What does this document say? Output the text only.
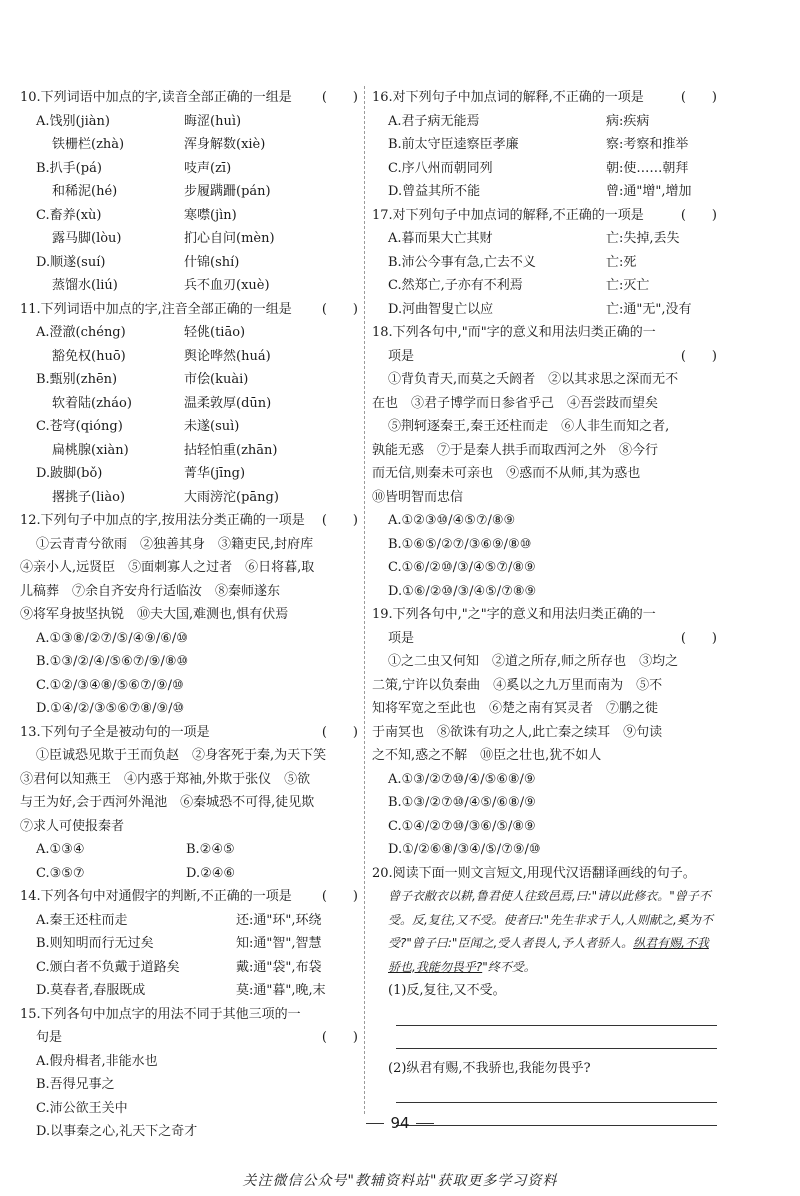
10.下列词语中加点的字,读音全部正确的一组是 (　　)
A.饯别(jiàn)	晦涩(huì)
铁栅栏(zhà)	浑身解数(xiè)
B.扒手(pá)	吱声(zī)
和稀泥(hé)	步履蹒跚(pán)
C.畜养(xù)	寒噤(jìn)
露马脚(lòu)	扪心自问(mèn)
D.顺遂(suí)	什锦(shí)
蒸馏水(liú)	兵不血刃(xuè)
11.下列词语中加点的字,注音全部正确的一组是 (　　)
A.澄澈(chéng)	轻佻(tiāo)
豁免权(huō)	舆论哗然(huá)
B.甄别(zhēn)	市侩(kuài)
软着陆(zháo)	温柔敦厚(dūn)
C.苍穹(qióng)	未遂(suì)
扁桃腺(xiàn)	拈轻怕重(zhān)
D.跛脚(bǒ)	菁华(jīng)
撂挑子(liào)	大雨滂沱(pāng)
12.下列句子中加点的字,按用法分类正确的一项是 (　　)
①云青青兮欲雨　②独善其身　③籍吏民,封府库
④亲小人,远贤臣　⑤面刺寡人之过者　⑥日将暮,取
儿稿葬　⑦余自齐安舟行适临汝　⑧秦师遂东
⑨将军身披坚执锐　⑩夫大国,难测也,惧有伏焉
A.①③⑧/②⑦/⑤/④⑨/⑥/⑩
B.①③/②/④/⑤⑥⑦/⑨/⑧⑩
C.①②/③④⑧/⑤⑥⑦/⑨/⑩
D.①④/②/③⑤⑥⑦⑧/⑨/⑩
13.下列句子全是被动句的一项是	(　　)
①臣诚恐见欺于王而负赵　②身客死于秦,为天下笑
③君何以知燕王　④内惑于郑袖,外欺于张仪　⑤欲
与王为好,会于西河外渑池　⑥秦城恐不可得,徒见欺
⑦求人可使报秦者
A.①③④	B.②④⑤
C.③⑤⑦	D.②④⑥
14.下列各句中对通假字的判断,不正确的一项是 (　　)
A.秦王还柱而走	还:通"环",环绕
B.则知明而行无过矣	知:通"智",智慧
C.颁白者不负戴于道路矣	戴:通"袋",布袋
D.莫春者,春服既成	莫:通"暮",晚,末
15.下列各句中加点字的用法不同于其他三项的一
句是	(　　)
A.假舟楫者,非能水也
B.吾得兄事之
C.沛公欲王关中
D.以事秦之心,礼天下之奇才
16.对下列句子中加点词的解释,不正确的一项是	(　　)
A.君子病无能焉	病:疾病
B.前太守臣逵察臣孝廉	察:考察和推举
C.序八州而朝同列	朝:使……朝拜
D.曾益其所不能	曾:通"增",增加
17.对下列句子中加点词的解释,不正确的一项是	(　　)
A.暮而果大亡其财	亡:失掉,丢失
B.沛公今事有急,亡去不义	亡:死
C.然郑亡,子亦有不利焉	亡:灭亡
D.河曲智叟亡以应	亡:通"无",没有
18.下列各句中,"而"字的意义和用法归类正确的一
项是	(　　)
①背负青天,而莫之夭阏者　②以其求思之深而无不
在也　③君子博学而日参省乎己　④吾尝跂而望矣
⑤荆轲逐秦王,秦王还柱而走　⑥人非生而知之者,
孰能无惑　⑦于是秦人拱手而取西河之外　⑧今行
而无信,则秦未可亲也　⑨惑而不从师,其为惑也
⑩皆明智而忠信
A.①②③⑩/④⑤⑦/⑧⑨
B.①⑥⑤/②⑦/③⑥⑨/⑧⑩
C.①⑥/②⑩/③/④⑤⑦/⑧⑨
D.①⑥/②⑩/③/④⑤/⑦⑧⑨
19.下列各句中,"之"字的意义和用法归类正确的一
项是	(　　)
①之二虫又何知　②道之所存,师之所存也　③均之
二策,宁许以负秦曲　④奚以之九万里而南为　⑤不
知将军宽之至此也　⑥楚之南有冥灵者　⑦鹏之徙
于南冥也　⑧欲诛有功之人,此亡秦之续耳　⑨句读
之不知,惑之不解　⑩臣之壮也,犹不如人
A.①③/②⑦⑩/④/⑤⑥⑧/⑨
B.①③/②⑦⑩/④⑤/⑥⑧/⑨
C.①④/②⑦⑩/③⑥/⑤/⑧⑨
D.①/②⑥⑧/③④/⑤/⑦⑨/⑩
20.阅读下面一则文言短文,用现代汉语翻译画线的句子。
曾子衣敝衣以耕,鲁君使人往致邑焉,曰:"请以此修衣。"曾子不受。反,复往,又不受。使者曰:"先生非求于人,人则献之,奚为不受?"曾子曰:"臣闻之,受人者畏人,予人者骄人。纵君有赐,不我骄也,我能勿畏乎?"终不受。
(1)反,复往,又不受。
(2)纵君有赐,不我骄也,我能勿畏乎?
94
关注微信公众号"教辅资料站"获取更多学习资料
